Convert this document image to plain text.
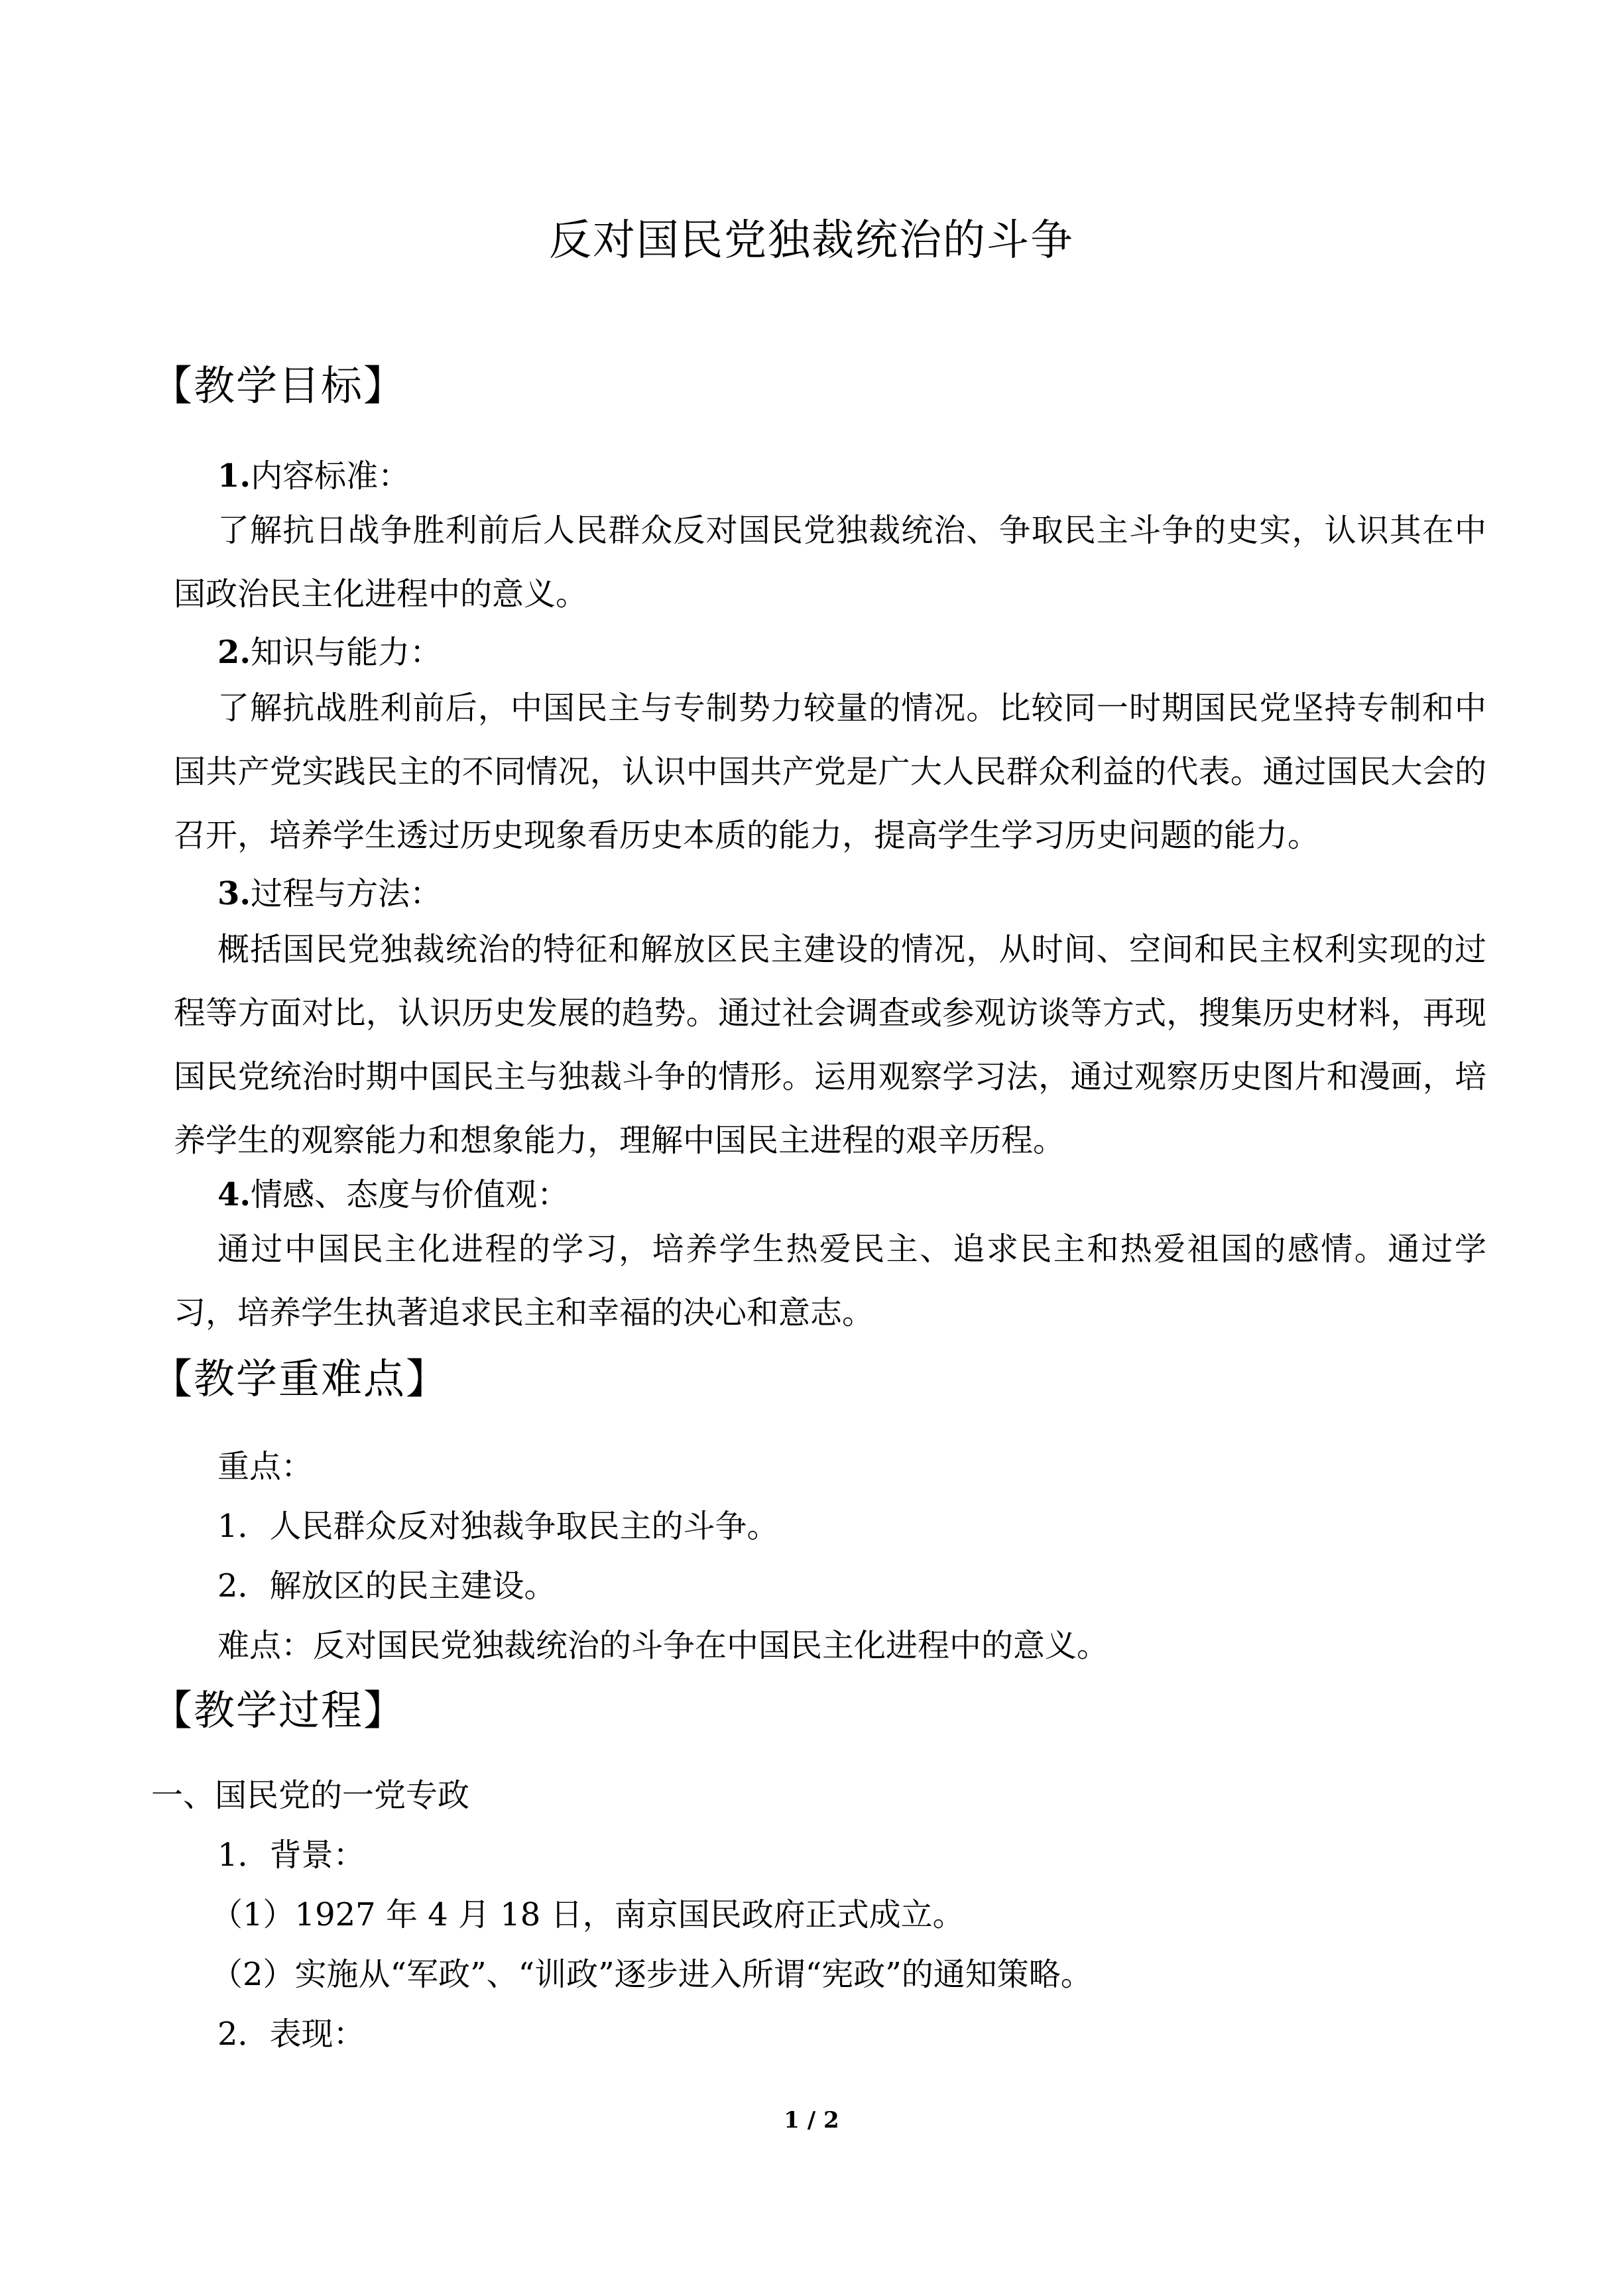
反对国民党独裁统治的斗争
【教学目标】
1.内容标准：
了解抗日战争胜利前后人民群众反对国民党独裁统治、争取民主斗争的史实，认识其在中国政治民主化进程中的意义。
2.知识与能力：
了解抗战胜利前后，中国民主与专制势力较量的情况。比较同一时期国民党坚持专制和中国共产党实践民主的不同情况，认识中国共产党是广大人民群众利益的代表。通过国民大会的召开，培养学生透过历史现象看历史本质的能力，提高学生学习历史问题的能力。
3.过程与方法：
概括国民党独裁统治的特征和解放区民主建设的情况，从时间、空间和民主权利实现的过程等方面对比，认识历史发展的趋势。通过社会调查或参观访谈等方式，搜集历史材料，再现国民党统治时期中国民主与独裁斗争的情形。运用观察学习法，通过观察历史图片和漫画，培养学生的观察能力和想象能力，理解中国民主进程的艰辛历程。
4.情感、态度与价值观：
通过中国民主化进程的学习，培养学生热爱民主、追求民主和热爱祖国的感情。通过学习，培养学生执著追求民主和幸福的决心和意志。
【教学重难点】
重点：
1．人民群众反对独裁争取民主的斗争。
2．解放区的民主建设。
难点：反对国民党独裁统治的斗争在中国民主化进程中的意义。
【教学过程】
一、国民党的一党专政
1．背景：
（1）1927 年 4 月 18 日，南京国民政府正式成立。
（2）实施从“军政”、“训政”逐步进入所谓“宪政”的通知策略。
2．表现：
1 / 2
